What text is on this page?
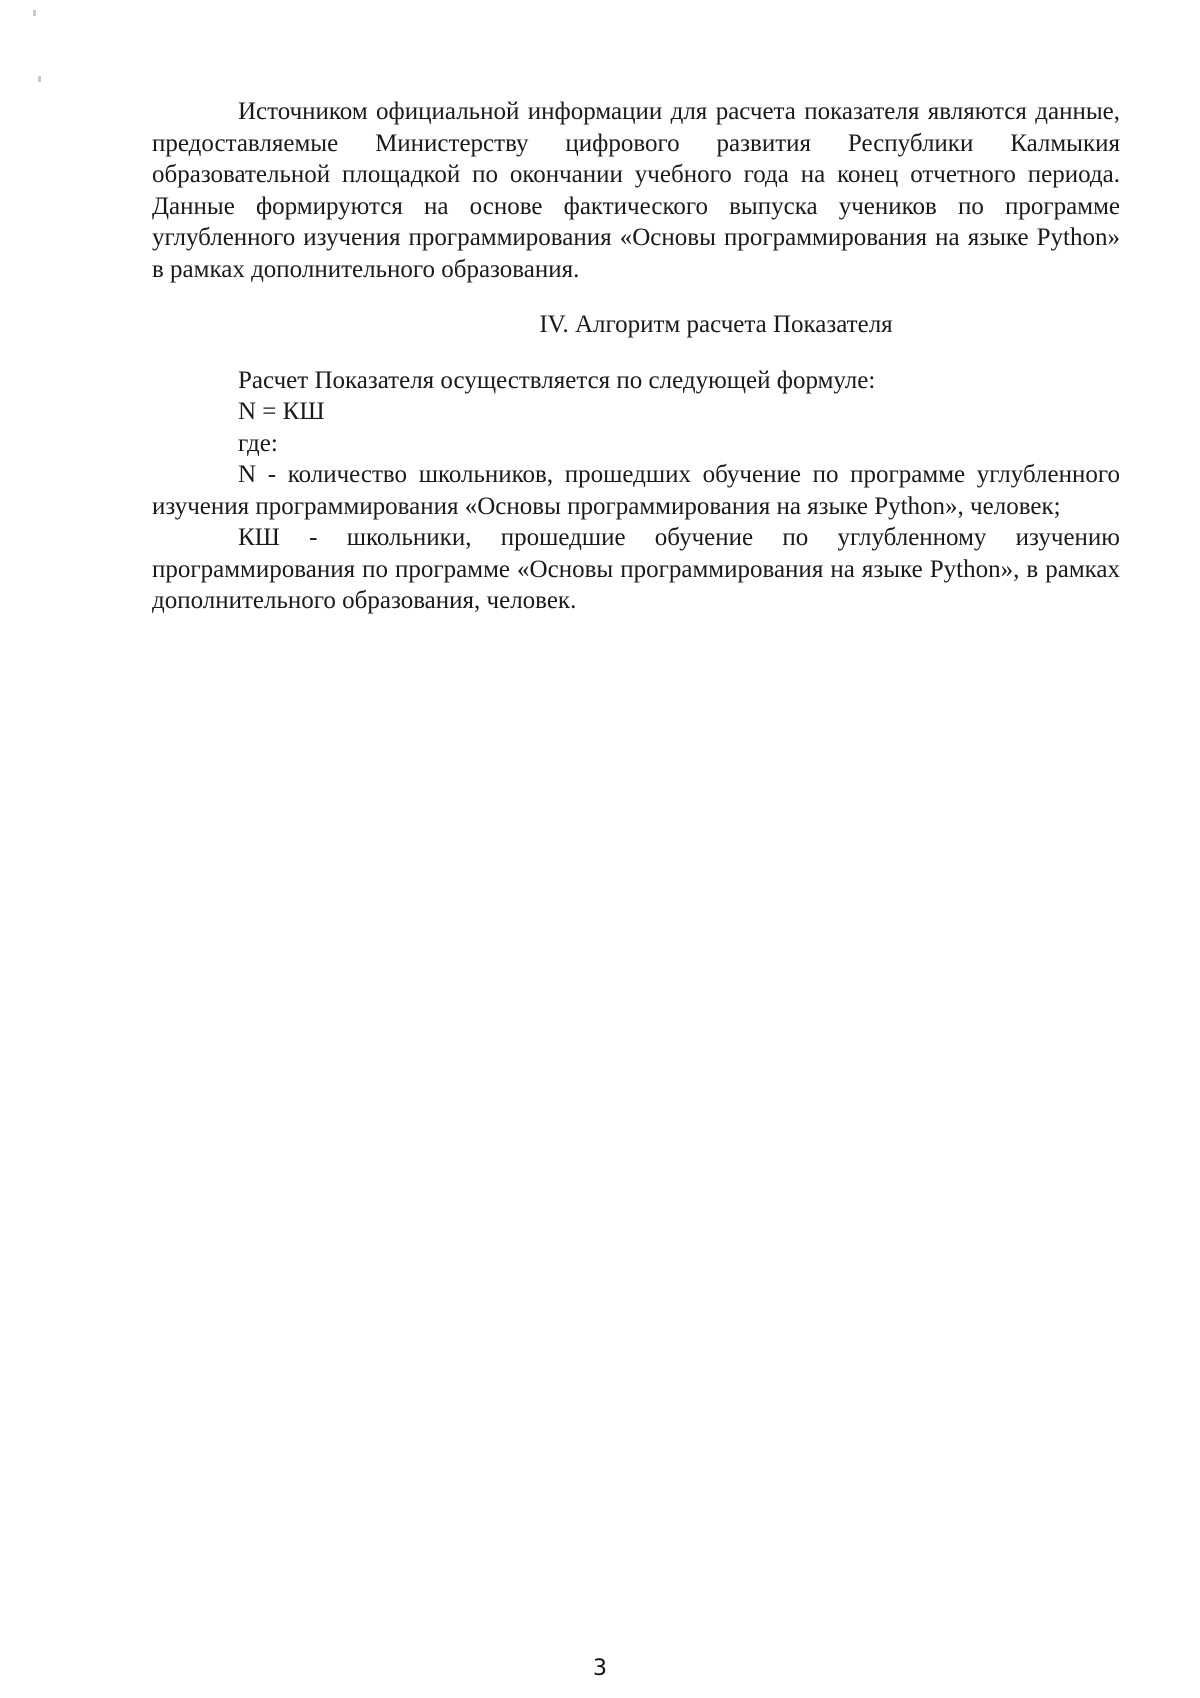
Источником официальной информации для расчета показателя являются данные, предоставляемые Министерству цифрового развития Республики Калмыкия образовательной площадкой по окончании учебного года на конец отчетного периода. Данные формируются на основе фактического выпуска учеников по программе углубленного изучения программирования «Основы программирования на языке Python» в рамках дополнительного образования.

IV. Алгоритм расчета Показателя

Расчет Показателя осуществляется по следующей формуле:

N = КШ

где:

N - количество школьников, прошедших обучение по программе углубленного изучения программирования «Основы программирования на языке Python», человек;

КШ - школьники, прошедшие обучение по углубленному изучению программирования по программе «Основы программирования на языке Python», в рамках дополнительного образования, человек.

3
